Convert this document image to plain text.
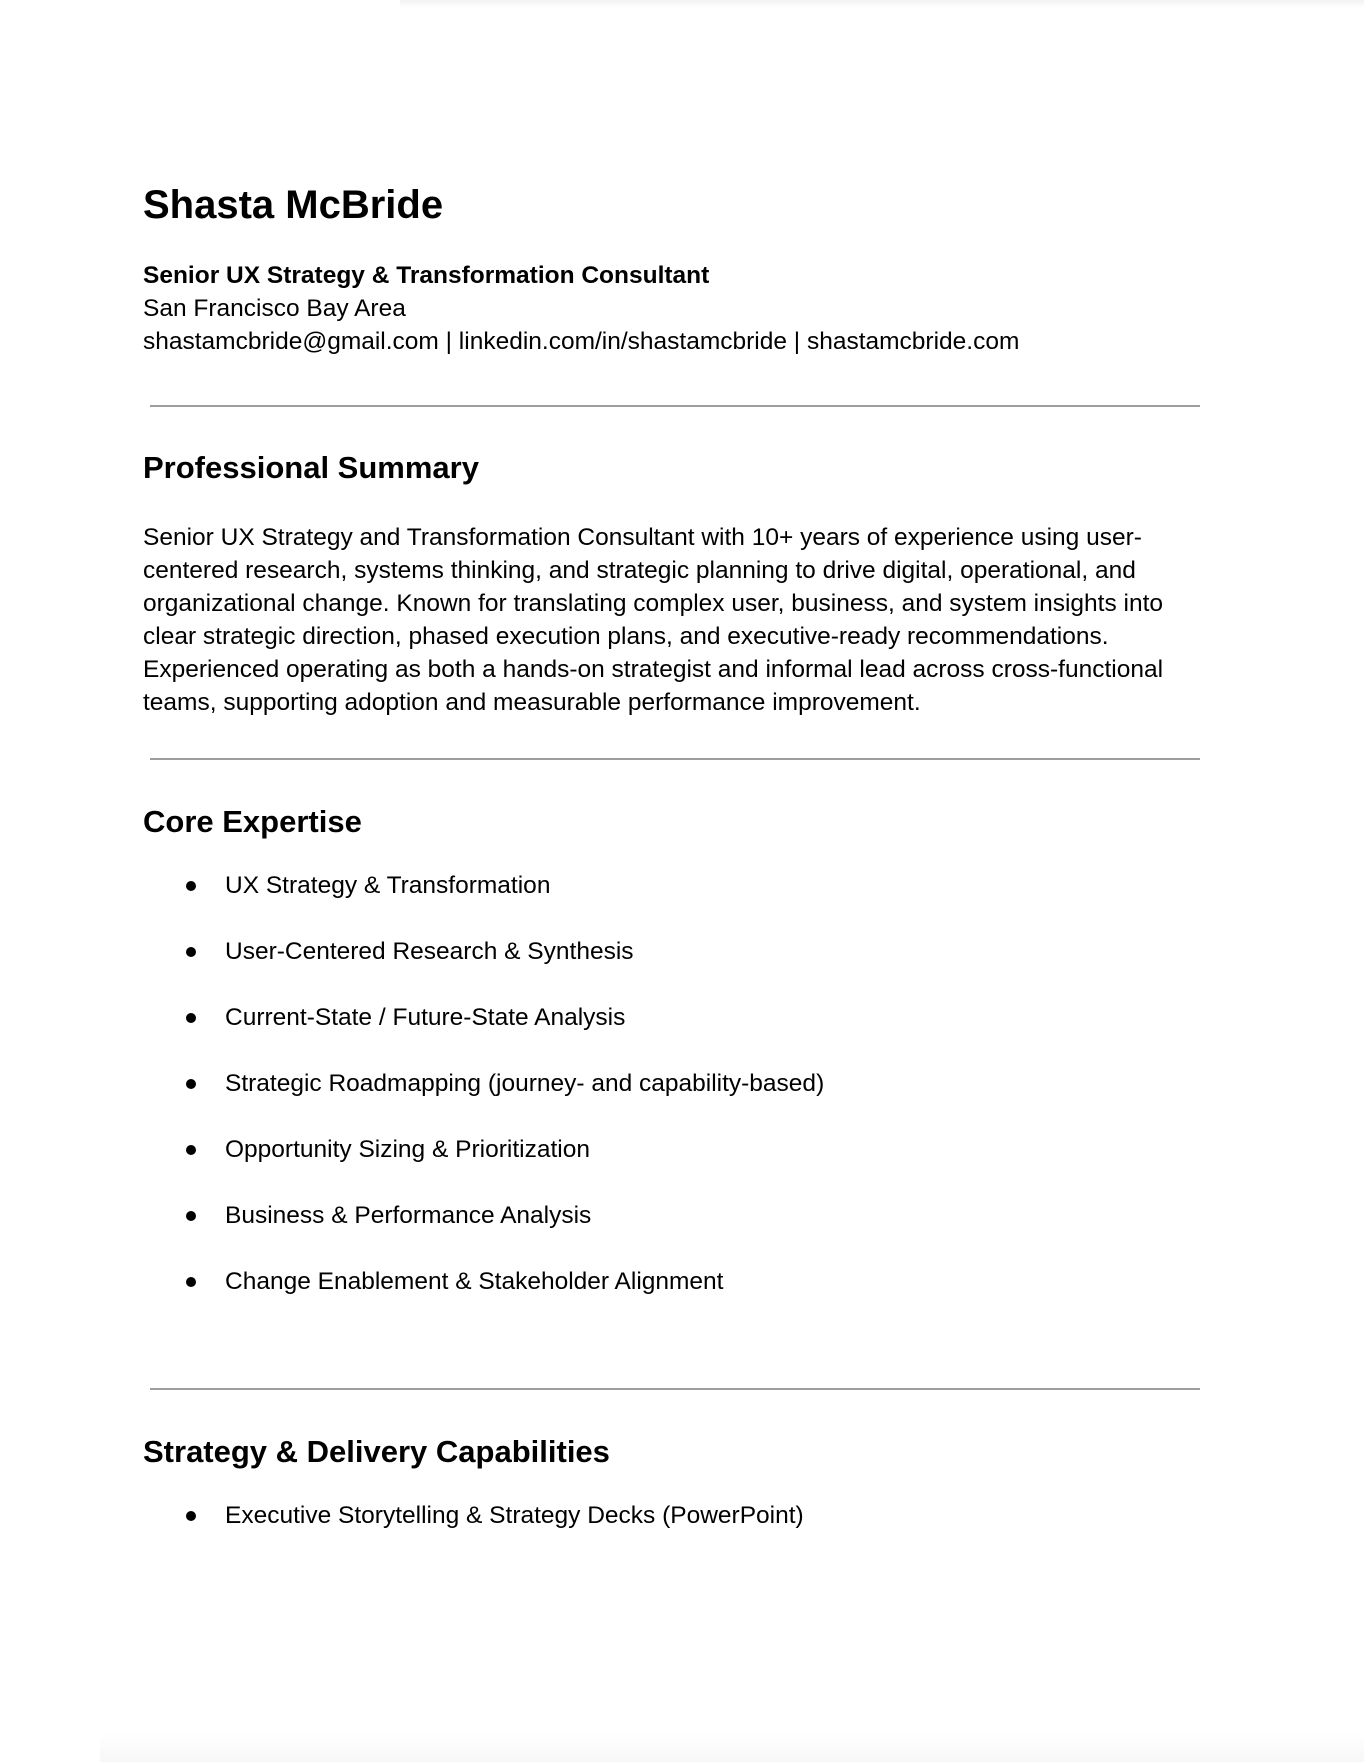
Shasta McBride
Senior UX Strategy & Transformation Consultant
San Francisco Bay Area
shastamcbride@gmail.com | linkedin.com/in/shastamcbride | shastamcbride.com
Professional Summary

Senior UX Strategy and Transformation Consultant with 10+ years of experience using user-centered research, systems thinking, and strategic planning to drive digital, operational, and organizational change. Known for translating complex user, business, and system insights into clear strategic direction, phased execution plans, and executive-ready recommendations. Experienced operating as both a hands-on strategist and informal lead across cross-functional teams, supporting adoption and measurable performance improvement.

Core Expertise
UX Strategy & Transformation
User-Centered Research & Synthesis
Current-State / Future-State Analysis
Strategic Roadmapping (journey- and capability-based)
Opportunity Sizing & Prioritization
Business & Performance Analysis
Change Enablement & Stakeholder Alignment
Strategy & Delivery Capabilities
Executive Storytelling & Strategy Decks (PowerPoint)
